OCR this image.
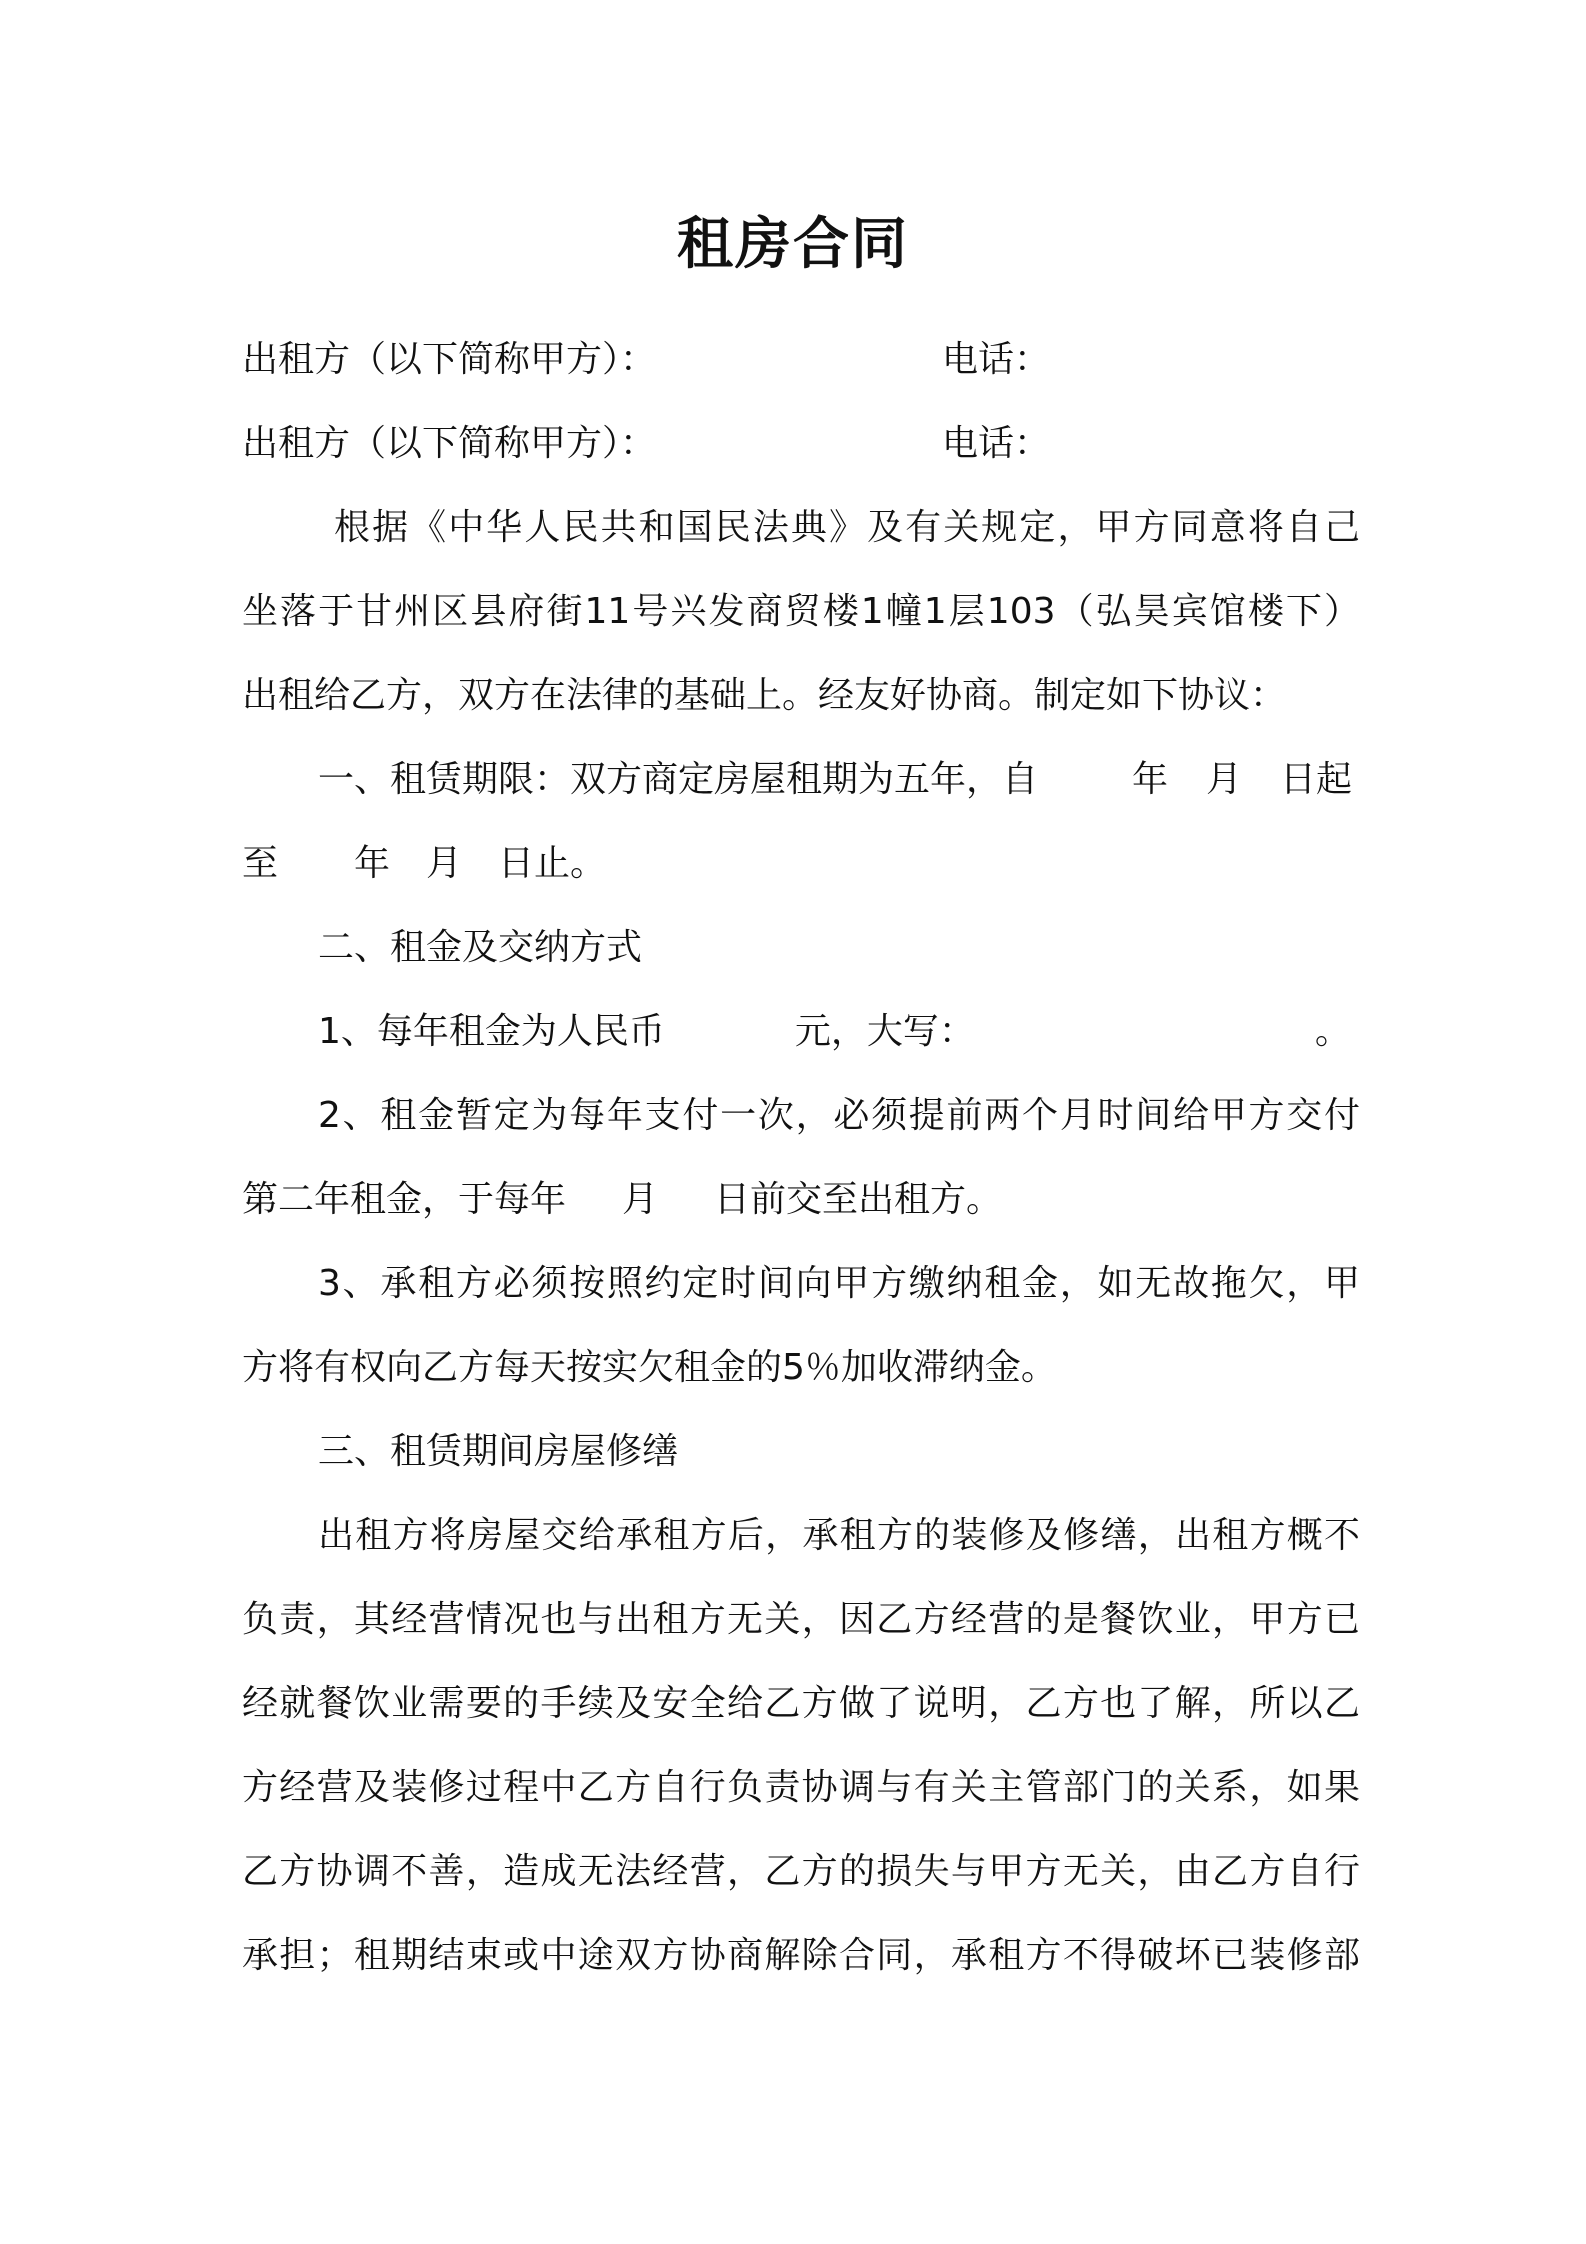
租房合同
出租方（以下简称甲方）：	电话：
出租方（以下简称甲方）：	电话：
根据《中华人民共和国民法典》及有关规定，甲方同意将自己
坐落于甘州区县府街11号兴发商贸楼1幢1层103（弘昊宾馆楼下）
出租给乙方，双方在法律的基础上。经友好协商。制定如下协议：
一、租赁期限：双方商定房屋租期为五年，自	年 月 日起
至 年 月 日止。
二、租金及交纳方式
1、每年租金为人民币	元，大写：	。
2、租金暂定为每年支付一次，必须提前两个月时间给甲方交付
第二年租金，于每年 月 日前交至出租方。
3、承租方必须按照约定时间向甲方缴纳租金，如无故拖欠，甲
方将有权向乙方每天按实欠租金的5％加收滞纳金。
三、租赁期间房屋修缮
出租方将房屋交给承租方后，承租方的装修及修缮，出租方概不
负责，其经营情况也与出租方无关，因乙方经营的是餐饮业，甲方已
经就餐饮业需要的手续及安全给乙方做了说明，乙方也了解，所以乙
方经营及装修过程中乙方自行负责协调与有关主管部门的关系，如果
乙方协调不善，造成无法经营，乙方的损失与甲方无关，由乙方自行
承担；租期结束或中途双方协商解除合同，承租方不得破坏已装修部
